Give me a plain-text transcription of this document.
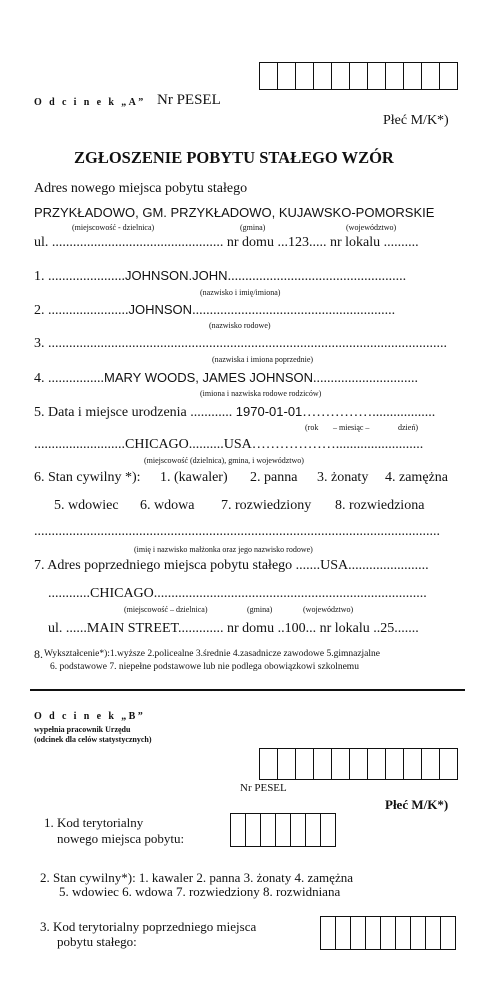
O d c i n e k „A” Nr PESEL
Płeć M/K*)
ZGŁOSZENIE POBYTU STAŁEGO WZÓR
Adres nowego miejsca pobytu stałego
PRZYKŁADOWO, GM. PRZYKŁADOWO, KUJAWSKO-POMORSKIE
(miejscowość - dzielnica)	(gmina)	(województwo)
ul. ................................................. nr domu ...123..... nr lokalu ..........
1. ......................JOHNSON.JOHN...................................................
(nazwisko i imię/imiona)
2. .......................JOHNSON..........................................................
(nazwisko rodowe)
3. ..................................................................................................................
(nazwiska i imiona poprzednie)
4. ................MARY WOODS, JAMES JOHNSON..............................
(imiona i nazwiska rodowe rodziców)
5. Data i miejsce urodzenia ............ 1970-01-01……………..................
(rok – miesiąc –	dzień)
..........................CHICAGO..........USA……………….........................
(miejscowość (dzielnica), gmina, i województwo)
6. Stan cywilny *): 1. (kawaler) 2. panna 3. żonaty 4. zamężna
5. wdowiec 6. wdowa 7. rozwiedziony 8. rozwiedziona
....................................................................................................................
(imię i nazwisko małżonka oraz jego nazwisko rodowe)
7. Adres poprzedniego miejsca pobytu stałego .......USA.......................
............CHICAGO..............................................................................
(miejscowość – dzielnica)	(gmina)	(województwo)
ul. ......MAIN STREET............. nr domu ..100... nr lokalu ..25.......
8. Wykształcenie*):1.wyższe 2.policealne 3.średnie 4.zasadnicze zawodowe 5.gimnazjalne
6. podstawowe 7. niepełne podstawowe lub nie podlega obowiązkowi szkolnemu
O d c i n e k „B”
wypełnia pracownik Urzędu
(odcinek dla celów statystycznych)
Nr PESEL
Płeć M/K*)
1. Kod terytorialny
nowego miejsca pobytu:
2. Stan cywilny*): 1. kawaler 2. panna 3. żonaty 4. zamężna
5. wdowiec 6. wdowa 7. rozwiedziony 8. rozwidniana
3. Kod terytorialny poprzedniego miejsca
pobytu stałego:
